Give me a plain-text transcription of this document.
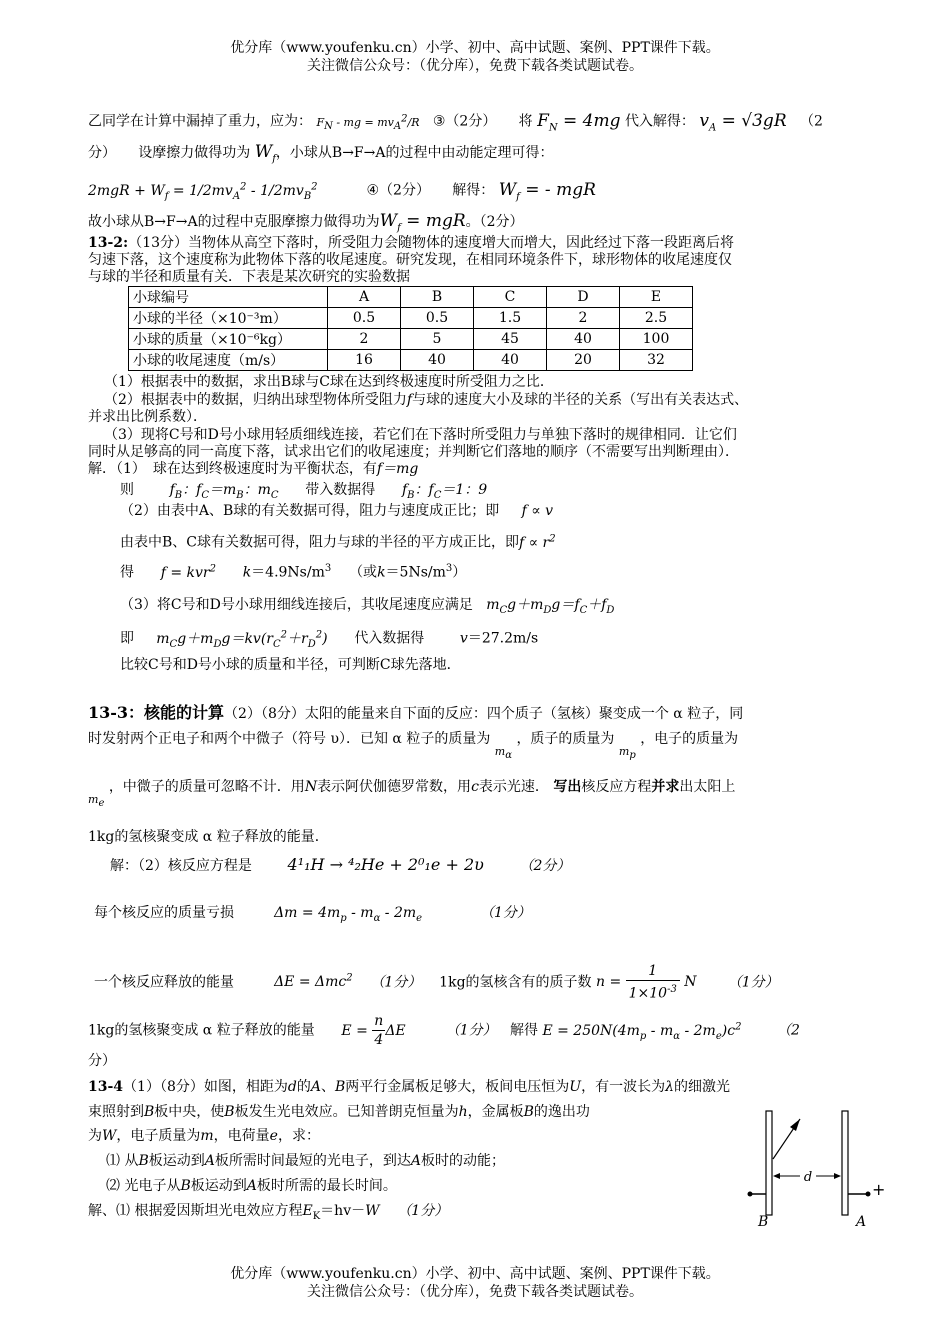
优分库（www.youfenku.cn）小学、初中、高中试题、案例、PPT课件下载。
关注微信公众号：（优分库），免费下载各类试题试卷。
乙同学在计算中漏掉了重力，应为： $F_N$ - mg = $mv_A^2/R$ ③（2分） 将 $F_N = 4mg$ 代入解得： $v_A = √3gR$ （2
分） 设摩擦力做得功为 $W_f$，小球从B→F→A的过程中由动能定理可得：
$2mgR + W_f = 1/2mv_A^2 - 1/2mv_B^2$	④（2分） 解得： $W_f$ = - mgR
故小球从B→F→A的过程中克服摩擦力做得功为$W_f$ = mgR。（2分）
13-2:（13分）当物体从高空下落时，所受阻力会随物体的速度增大而增大，因此经过下落一段距离后将
匀速下落，这个速度称为此物体下落的收尾速度。研究发现，在相同环境条件下，球形物体的收尾速度仅
与球的半径和质量有关．下表是某次研究的实验数据
小球编号	A	B	C	D	E
小球的半径（×10⁻³m）	0.5	0.5	1.5	2	2.5
小球的质量（×10⁻⁶kg）	2	5	45	40	100
小球的收尾速度（m/s）	16	40	40	20	32
（1）根据表中的数据，求出B球与C球在达到终极速度时所受阻力之比．
（2）根据表中的数据，归纳出球型物体所受阻力f与球的速度大小及球的半径的关系（写出有关表达式、
并求出比例系数）．
（3）现将C号和D号小球用轻质细线连接，若它们在下落时所受阻力与单独下落时的规律相同．让它们
同时从足够高的同一高度下落，试求出它们的收尾速度；并判断它们落地的顺序（不需要写出判断理由）．
解．（1）　球在达到终极速度时为平衡状态，有f＝mg
则	$f_B$：$f_C=m_B$：$m_C$ 带入数据得 $f_B$：$f_C=1$：9
（2）由表中A、B球的有关数据可得，阻力与速度成正比；即 f ∝ v
由表中B、C球有关数据可得，阻力与球的半径的平方成正比，即$f \propto r^2$
得 f = kvr$^2$ $k=4.9Ns/m^3$ （或$k=5Ns/m^3$）
（3）将C号和D号小球用细线连接后，其收尾速度应满足 $m_Cg+m_Dg=f_C+f_D$
即 $m_Cg+m_Dg=kv(r_C^2+r_D^2)$ 代入数据得	v＝27.2m/s
比较C号和D号小球的质量和半径，可判断C球先落地．
13-3：核能的计算（2）（8分）太阳的能量来自下面的反应：四个质子（氢核）聚变成一个 α 粒子，同
时发射两个正电子和两个中微子（符号 υ）．已知 α 粒子的质量为 $_{m_\alpha}$ ，质子的质量为 $_{m_p}$ ，电子的质量为
$_{m_e}$ ，中微子的质量可忽略不计．用N表示阿伏伽德罗常数，用c表示光速． 写出核反应方程并求出太阳上
1kg的氢核聚变成 α 粒子释放的能量．
解：（2）核反应方程是 4¹₁H → ⁴₂He + 2⁰₁e + 2υ	（2分）
每个核反应的质量亏损	$\Delta m = 4m_p - m_\alpha - 2m_e$	（1分）
一个核反应释放的能量	ΔE = Δmc$^2$ （1分） 1kg的氢核含有的质子数 $n = \frac{1}{1\times 10^{-3}}$ N （1分）
1kg的氢核聚变成 α 粒子释放的能量 $E = \frac{n}{4}$ ΔE	（1分） 解得 $E = 250N(4m_p - m_\alpha - 2m_e)c^2$	（2
分）
13-4（1）（8分）如图，相距为d的A、B两平行金属板足够大，板间电压恒为U，有一波长为λ的细激光
束照射到B板中央，使B板发生光电效应。已知普朗克恒量为h，金属板B的逸出功
为W，电子质量为m，电荷量e，求：
⑴ 从B板运动到A板所需时间最短的光电子，到达A板时的动能；
⑵ 光电子从B板运动到A板时所需的最长时间。
解、⑴ 根据爱因斯坦光电效应方程$E_K=hv-W$ （1分）
d
+
B	A
优分库（www.youfenku.cn）小学、初中、高中试题、案例、PPT课件下载。
关注微信公众号：（优分库），免费下载各类试题试卷。
